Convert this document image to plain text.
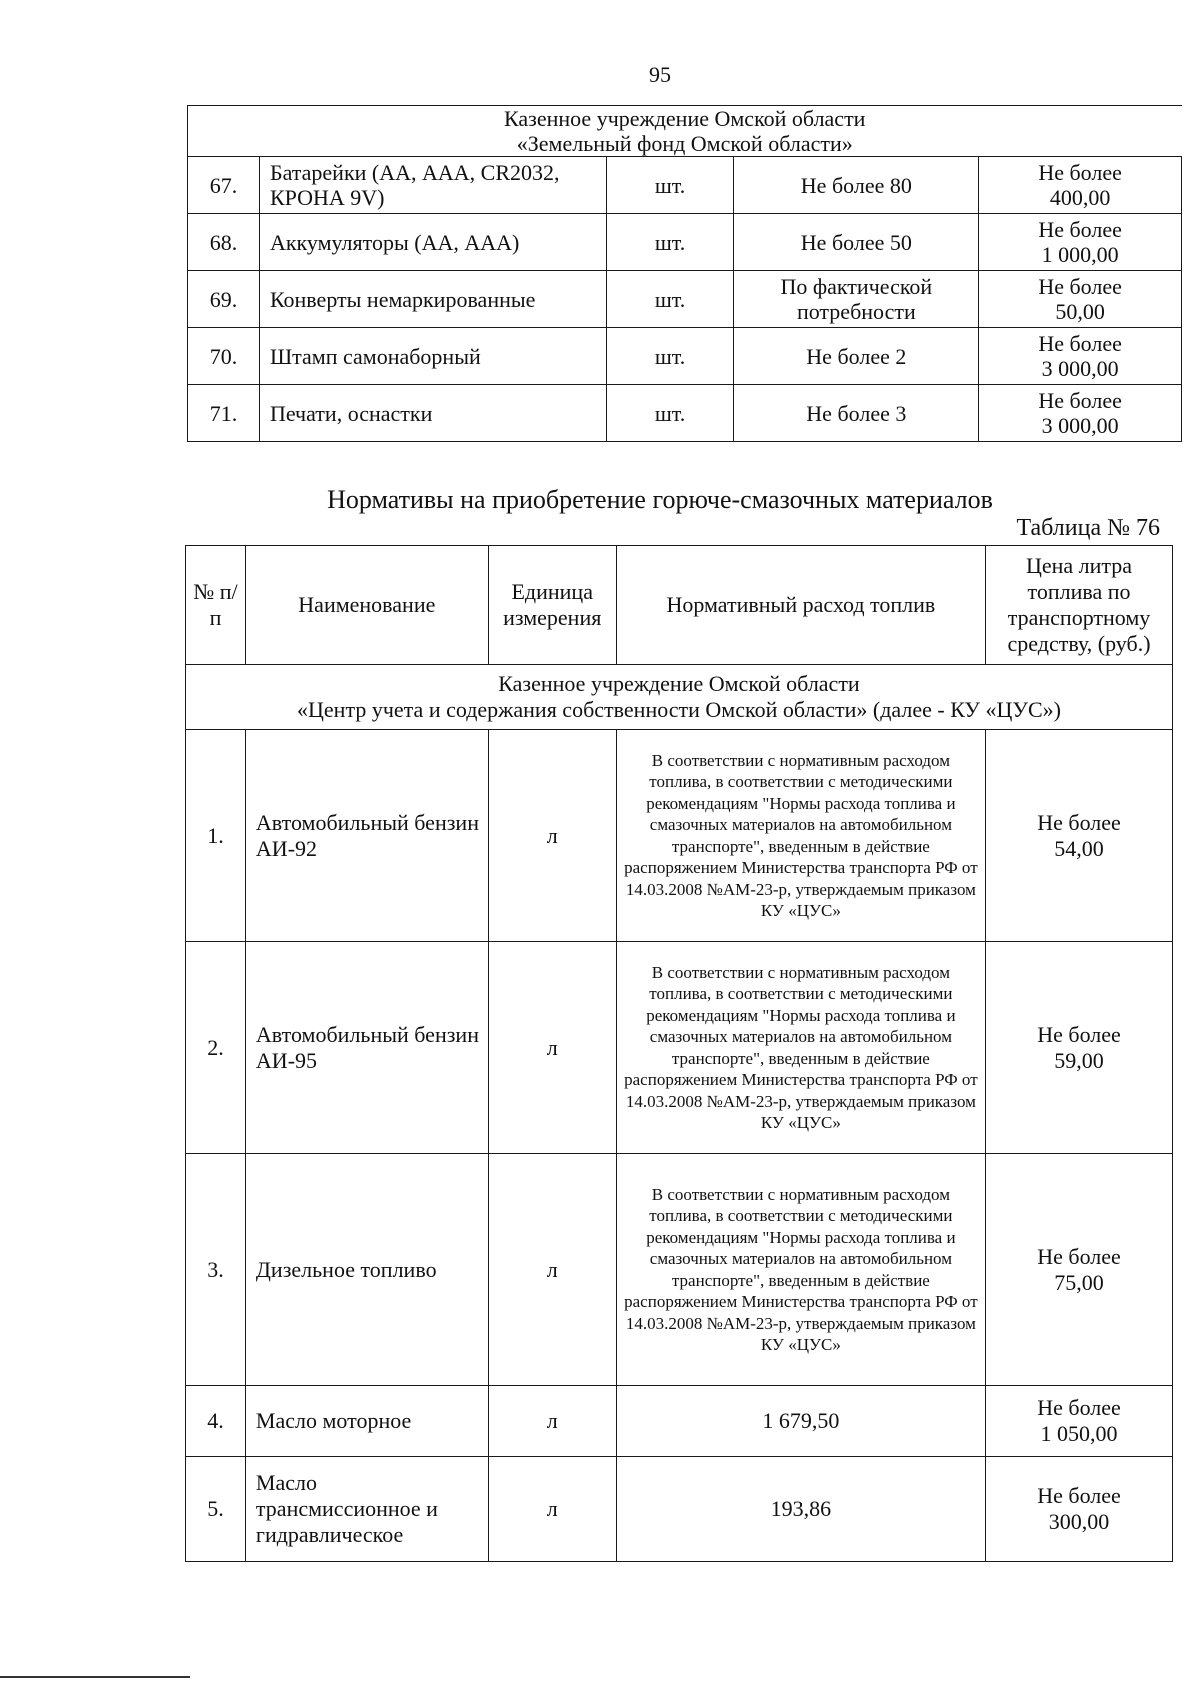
95
Казенное учреждение Омской области
«Земельный фонд Омской области»				

67.	Батарейки (АА, ААА, CR2032, КРОНА 9V)	шт.	Не более 80	Не более
400,00

68.	Аккумуляторы (АА, ААА)	шт.	Не более 50	Не более
1 000,00

69.	Конверты немаркированные	шт.	По фактической потребности	Не более
50,00

70.	Штамп самонаборный	шт.	Не более 2	Не более
3 000,00

71.	Печати, оснастки	шт.	Не более 3	Не более
3 000,00
Нормативы на приобретение горюче-смазочных материалов
Таблица № 76
№ п/п	Наименование	Единица измерения	Нормативный расход топлив	Цена литра топлива по транспортному средству, (руб.)

Казенное учреждение Омской области
«Центр учета и содержания собственности Омской области» (далее - КУ «ЦУС»)				

1.	Автомобильный бензин АИ-92	л	В соответствии с нормативным расходом топлива, в соответствии с методическими рекомендациям "Нормы расхода топлива и смазочных материалов на автомобильном транспорте", введенным в действие распоряжением Министерства транспорта РФ от 14.03.2008 №АМ-23-р, утверждаемым приказом КУ «ЦУС»	Не более
54,00

2.	Автомобильный бензин АИ-95	л	В соответствии с нормативным расходом топлива, в соответствии с методическими рекомендациям "Нормы расхода топлива и смазочных материалов на автомобильном транспорте", введенным в действие распоряжением Министерства транспорта РФ от 14.03.2008 №АМ-23-р, утверждаемым приказом КУ «ЦУС»	Не более
59,00

3.	Дизельное топливо	л	В соответствии с нормативным расходом топлива, в соответствии с методическими рекомендациям "Нормы расхода топлива и смазочных материалов на автомобильном транспорте", введенным в действие распоряжением Министерства транспорта РФ от 14.03.2008 №АМ-23-р, утверждаемым приказом КУ «ЦУС»	Не более
75,00

4.	Масло моторное	л	1 679,50	Не более
1 050,00

5.	Масло трансмиссионное и гидравлическое	л	193,86	Не более
300,00
